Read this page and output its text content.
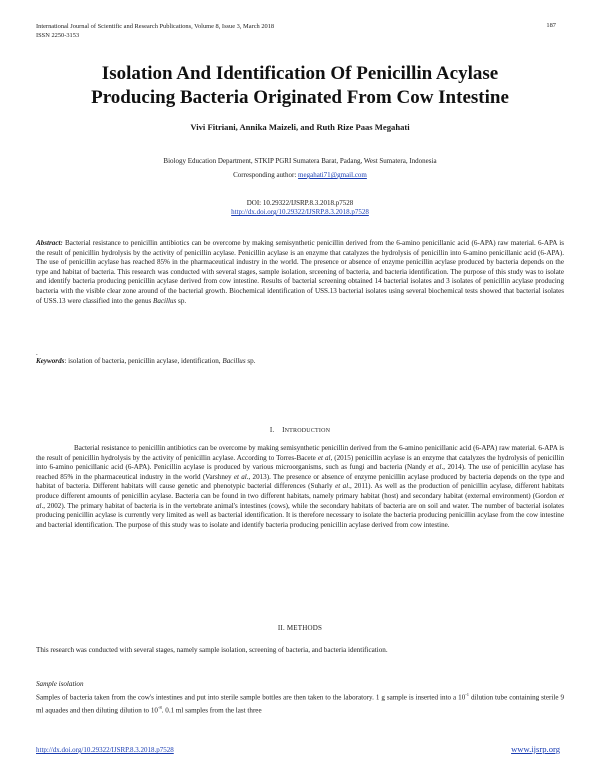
International Journal of Scientific and Research Publications, Volume 8, Issue 3, March 2018
ISSN 2250-3153
187
Isolation And Identification Of Penicillin Acylase
Producing Bacteria Originated From Cow Intestine
Vivi Fitriani, Annika Maizeli, and Ruth Rize Paas Megahati
Biology Education Department, STKIP PGRI Sumatera Barat, Padang, West Sumatera, Indonesia
Corresponding author: megahati71@gmail.com
DOI: 10.29322/IJSRP.8.3.2018.p7528
http://dx.doi.org/10.29322/IJSRP.8.3.2018.p7528
Abstract: Bacterial resistance to penicillin antibiotics can be overcome by making semisynthetic penicillin derived from the 6-amino penicillanic acid (6-APA) raw material. 6-APA is the result of penicillin hydrolysis by the activity of penicillin acylase. Penicillin acylase is an enzyme that catalyzes the hydrolysis of penicillin into 6-amino penicillanic acid (6-APA). The use of penicillin acylase has reached 85% in the pharmaceutical industry in the world. The presence or absence of enzyme penicillin acylase produced by bacteria depends on the type and habitat of bacteria. This research was conducted with several stages, sample isolation, srceening of bacteria, and bacteria identification. The purpose of this study was to isolate and identify bacteria producing penicillin acylase derived from cow intestine. Results of bacterial screening obtained 14 bacterial isolates and 3 isolates of penicillin acylase producing bacteria with the visible clear zone around of the bacterial growth. Biochemical identification of USS.13 bacterial isolates using several biochemical tests showed that bacterial isolates of USS.13 were classified into the genus Bacillus sp.
.
Keywords: isolation of bacteria, penicillin acylase, identification, Bacillus sp.
I. INTRODUCTION
Bacterial resistance to penicillin antibiotics can be overcome by making semisynthetic penicillin derived from the 6-amino penicillanic acid (6-APA) raw material. 6-APA is the result of penicillin hydrolysis by the activity of penicillin acylase. According to Torres-Bacete et al, (2015) penicillin acylase is an enzyme that catalyzes the hydrolysis of penicillin into 6-amino penicillanic acid (6-APA). Penicillin acylase is produced by various microorganisms, such as fungi and bacteria (Nandy et al., 2014). The use of penicillin acylase has reached 85% in the pharmaceutical industry in the world (Varshney et al., 2013). The presence or absence of enzyme penicillin acylase produced by bacteria depends on the type and habitat of bacteria. Different habitats will cause genetic and phenotypic bacterial differences (Suharly et al., 2011). As well as the production of penicillin acylase, different habitats produce different amounts of penicillin acylase. Bacteria can be found in two different habitats, namely primary habitat (host) and secondary habitat (external environment) (Gordon et al., 2002). The primary habitat of bacteria is in the vertebrate animal's intestines (cows), while the secondary habitats of bacteria are on soil and water. The number of bacterial isolates producing penicillin acylase is currently very limited as well as bacterial identification. It is therefore necessary to isolate the bacteria producing penicillin acylase from the cow intestine and bacterial identification. The purpose of this study was to isolate and identify bacteria producing penicillin acylase derived from cow intestine.
II. METHODS
This research was conducted with several stages, namely sample isolation, screening of bacteria, and bacteria identification.
Sample isolation
Samples of bacteria taken from the cow's intestines and put into sterile sample bottles are then taken to the laboratory. 1 g sample is inserted into a $10^{-1}$ dilution tube containing sterile 9 ml aquades and then diluting dilution to $10^{-8}$. 0.1 ml samples from the last three
http://dx.doi.org/10.29322/IJSRP.8.3.2018.p7528	www.ijsrp.org
